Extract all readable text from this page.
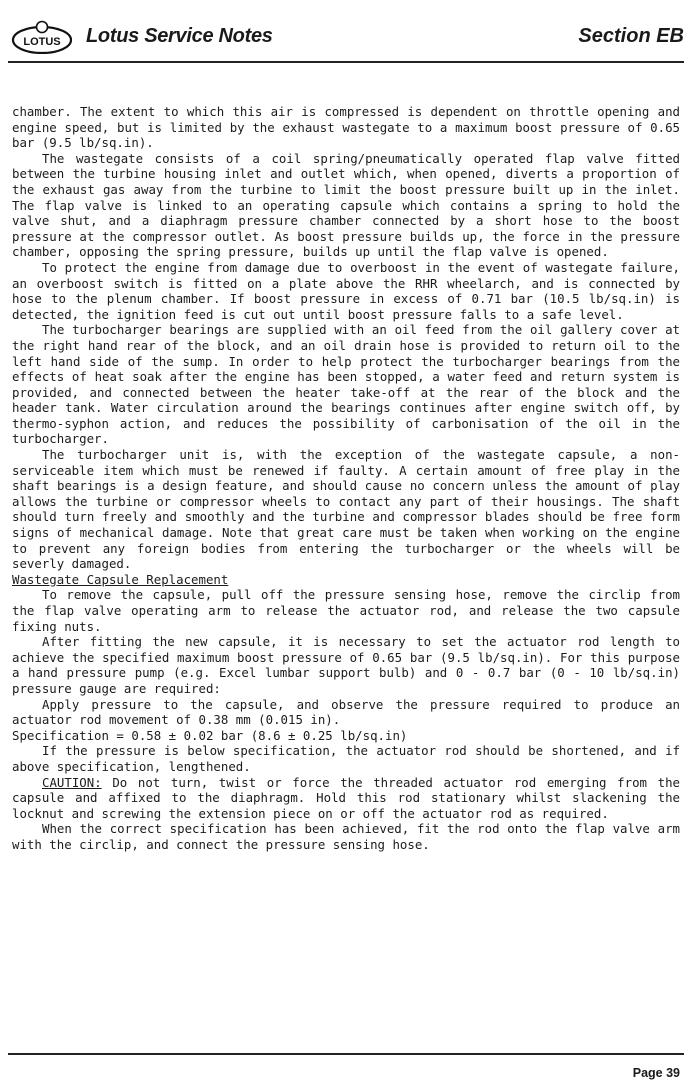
LOTUS Lotus Service Notes	Section EB

chamber. The extent to which this air is compressed is dependent on throttle opening and engine speed, but is limited by the exhaust wastegate to a maximum boost pressure of 0.65 bar (9.5 lb/sq.in).

The wastegate consists of a coil spring/pneumatically operated flap valve fitted between the turbine housing inlet and outlet which, when opened, diverts a proportion of the exhaust gas away from the turbine to limit the boost pressure built up in the inlet. The flap valve is linked to an operating capsule which contains a spring to hold the valve shut, and a diaphragm pressure chamber connected by a short hose to the boost pressure at the compressor outlet. As boost pressure builds up, the force in the pressure chamber, opposing the spring pressure, builds up until the flap valve is opened.

To protect the engine from damage due to overboost in the event of wastegate failure, an overboost switch is fitted on a plate above the RHR wheelarch, and is connected by hose to the plenum chamber. If boost pressure in excess of 0.71 bar (10.5 lb/sq.in) is detected, the ignition feed is cut out until boost pressure falls to a safe level.

The turbocharger bearings are supplied with an oil feed from the oil gallery cover at the right hand rear of the block, and an oil drain hose is provided to return oil to the left hand side of the sump. In order to help protect the turbocharger bearings from the effects of heat soak after the engine has been stopped, a water feed and return system is provided, and connected between the heater take-off at the rear of the block and the header tank. Water circulation around the bearings continues after engine switch off, by thermo-syphon action, and reduces the possibility of carbonisation of the oil in the turbocharger.

The turbocharger unit is, with the exception of the wastegate capsule, a non-serviceable item which must be renewed if faulty. A certain amount of free play in the shaft bearings is a design feature, and should cause no concern unless the amount of play allows the turbine or compressor wheels to contact any part of their housings. The shaft should turn freely and smoothly and the turbine and compressor blades should be free form signs of mechanical damage. Note that great care must be taken when working on the engine to prevent any foreign bodies from entering the turbocharger or the wheels will be severly damaged.

Wastegate Capsule Replacement

To remove the capsule, pull off the pressure sensing hose, remove the circlip from the flap valve operating arm to release the actuator rod, and release the two capsule fixing nuts.

After fitting the new capsule, it is necessary to set the actuator rod length to achieve the specified maximum boost pressure of 0.65 bar (9.5 lb/sq.in). For this purpose a hand pressure pump (e.g. Excel lumbar support bulb) and 0 - 0.7 bar (0 - 10 lb/sq.in) pressure gauge are required:

Apply pressure to the capsule, and observe the pressure required to produce an actuator rod movement of 0.38 mm (0.015 in).

Specification = 0.58 ± 0.02 bar (8.6 ± 0.25 lb/sq.in)

If the pressure is below specification, the actuator rod should be shortened, and if above specification, lengthened.

CAUTION: Do not turn, twist or force the threaded actuator rod emerging from the capsule and affixed to the diaphragm. Hold this rod stationary whilst slackening the locknut and screwing the extension piece on or off the actuator rod as required.

When the correct specification has been achieved, fit the rod onto the flap valve arm with the circlip, and connect the pressure sensing hose.

Page 39
